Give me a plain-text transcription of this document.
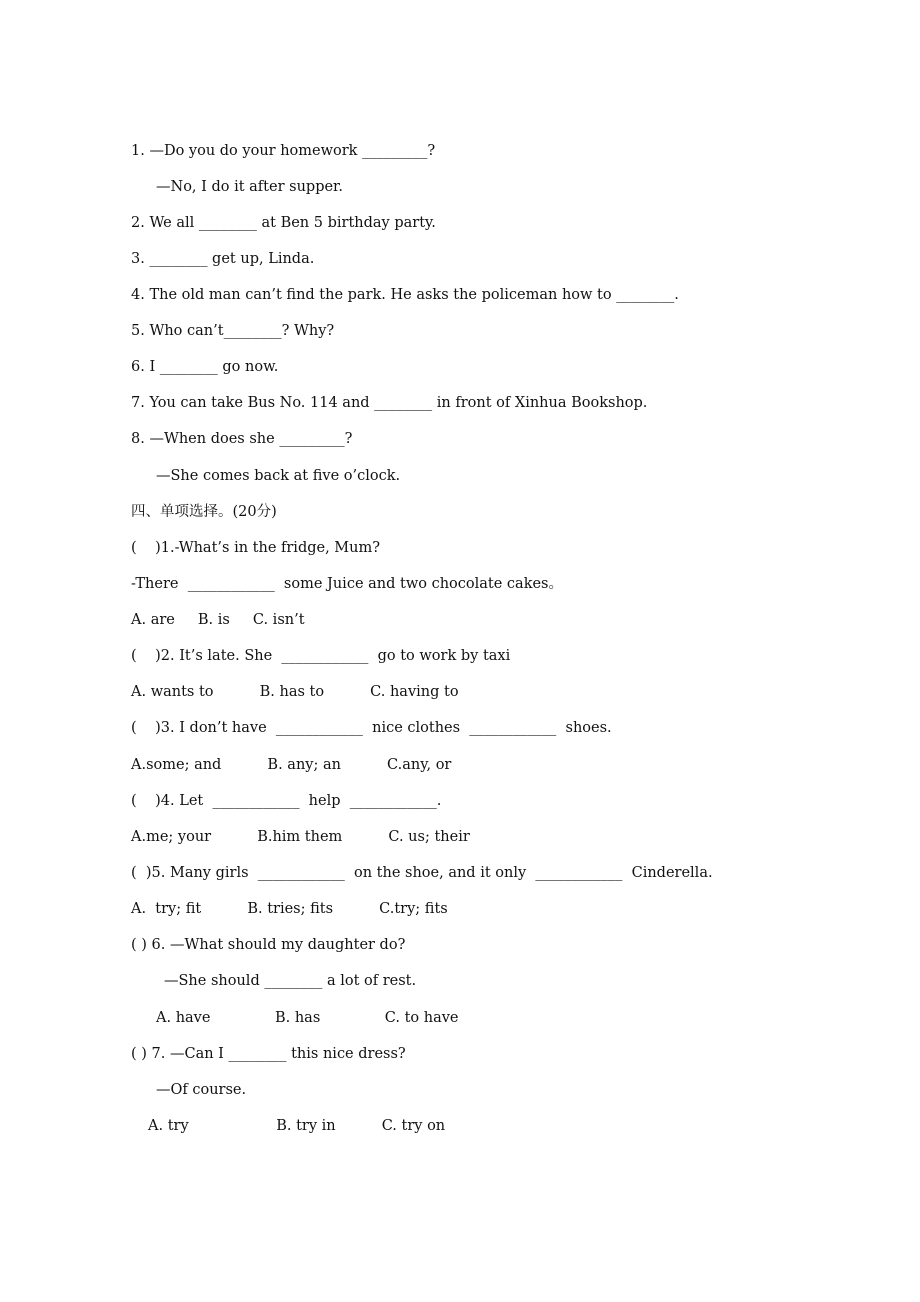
1. —Do you do your homework _________?
—No, I do it after supper.
2. We all ________ at Ben 5 birthday party.
3. ________ get up, Linda.
4. The old man can’t find the park. He asks the policeman how to ________.
5. Who can’t________? Why?
6. I ________ go now.
7. You can take Bus No. 114 and ________ in front of Xinhua Bookshop.
8. —When does she _________?
—She comes back at five o’clock.
四、单项选择。(20分)
(    )1.-What’s in the fridge, Mum?
-There  ____________  some Juice and two chocolate cakes。
A. are     B. is     C. isn’t
(    )2. It’s late. She  ____________  go to work by taxi
A. wants to          B. has to          C. having to
(    )3. I don’t have  ____________  nice clothes  ____________  shoes.
A.some; and          B. any; an          C.any, or
(    )4. Let  ____________  help  ____________.
A.me; your          B.him them          C. us; their
(  )5. Many girls  ____________  on the shoe, and it only  ____________  Cinderella.
A.  try; fit          B. tries; fits          C.try; fits
( ) 6. —What should my daughter do?
—She should ________ a lot of rest.
A. have              B. has              C. to have
( ) 7. —Can I ________ this nice dress?
—Of course.
A. try                   B. try in          C. try on
